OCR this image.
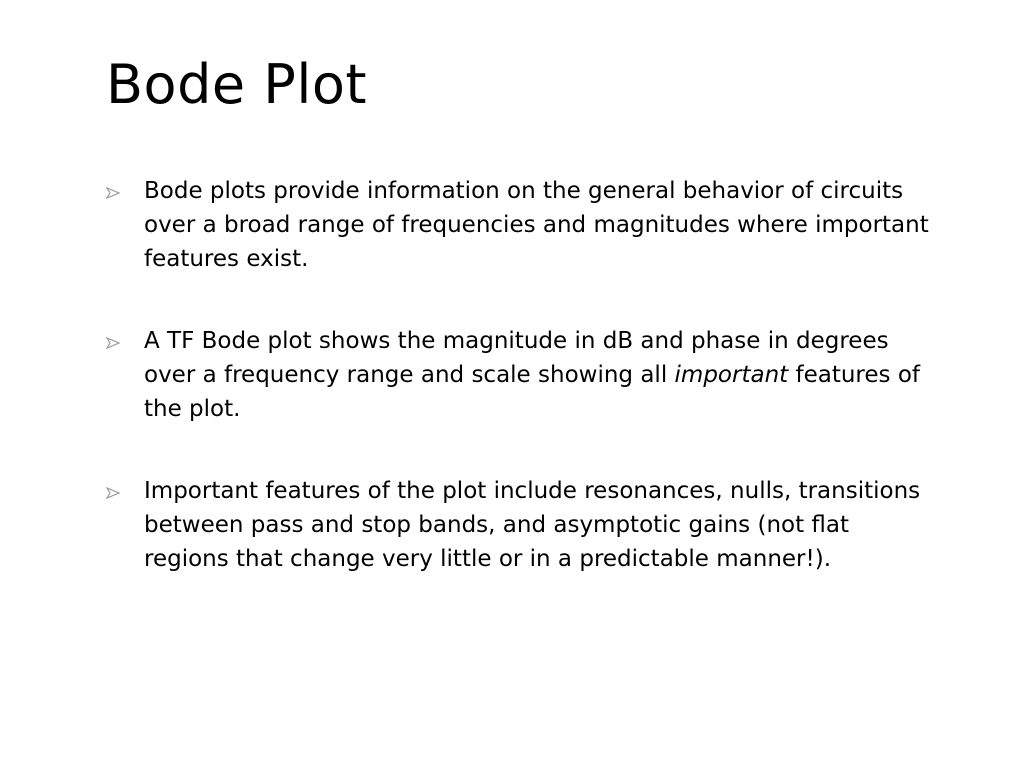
Bode Plot
Bode plots provide information on the general behavior of circuits over a broad range of frequencies and magnitudes where important features exist.
A TF Bode plot shows the magnitude in dB and phase in degrees over a frequency range and scale showing all important features of the plot.
Important features of the plot include resonances, nulls, transitions between pass and stop bands, and asymptotic gains (not flat regions that change very little or in a predictable manner!).
